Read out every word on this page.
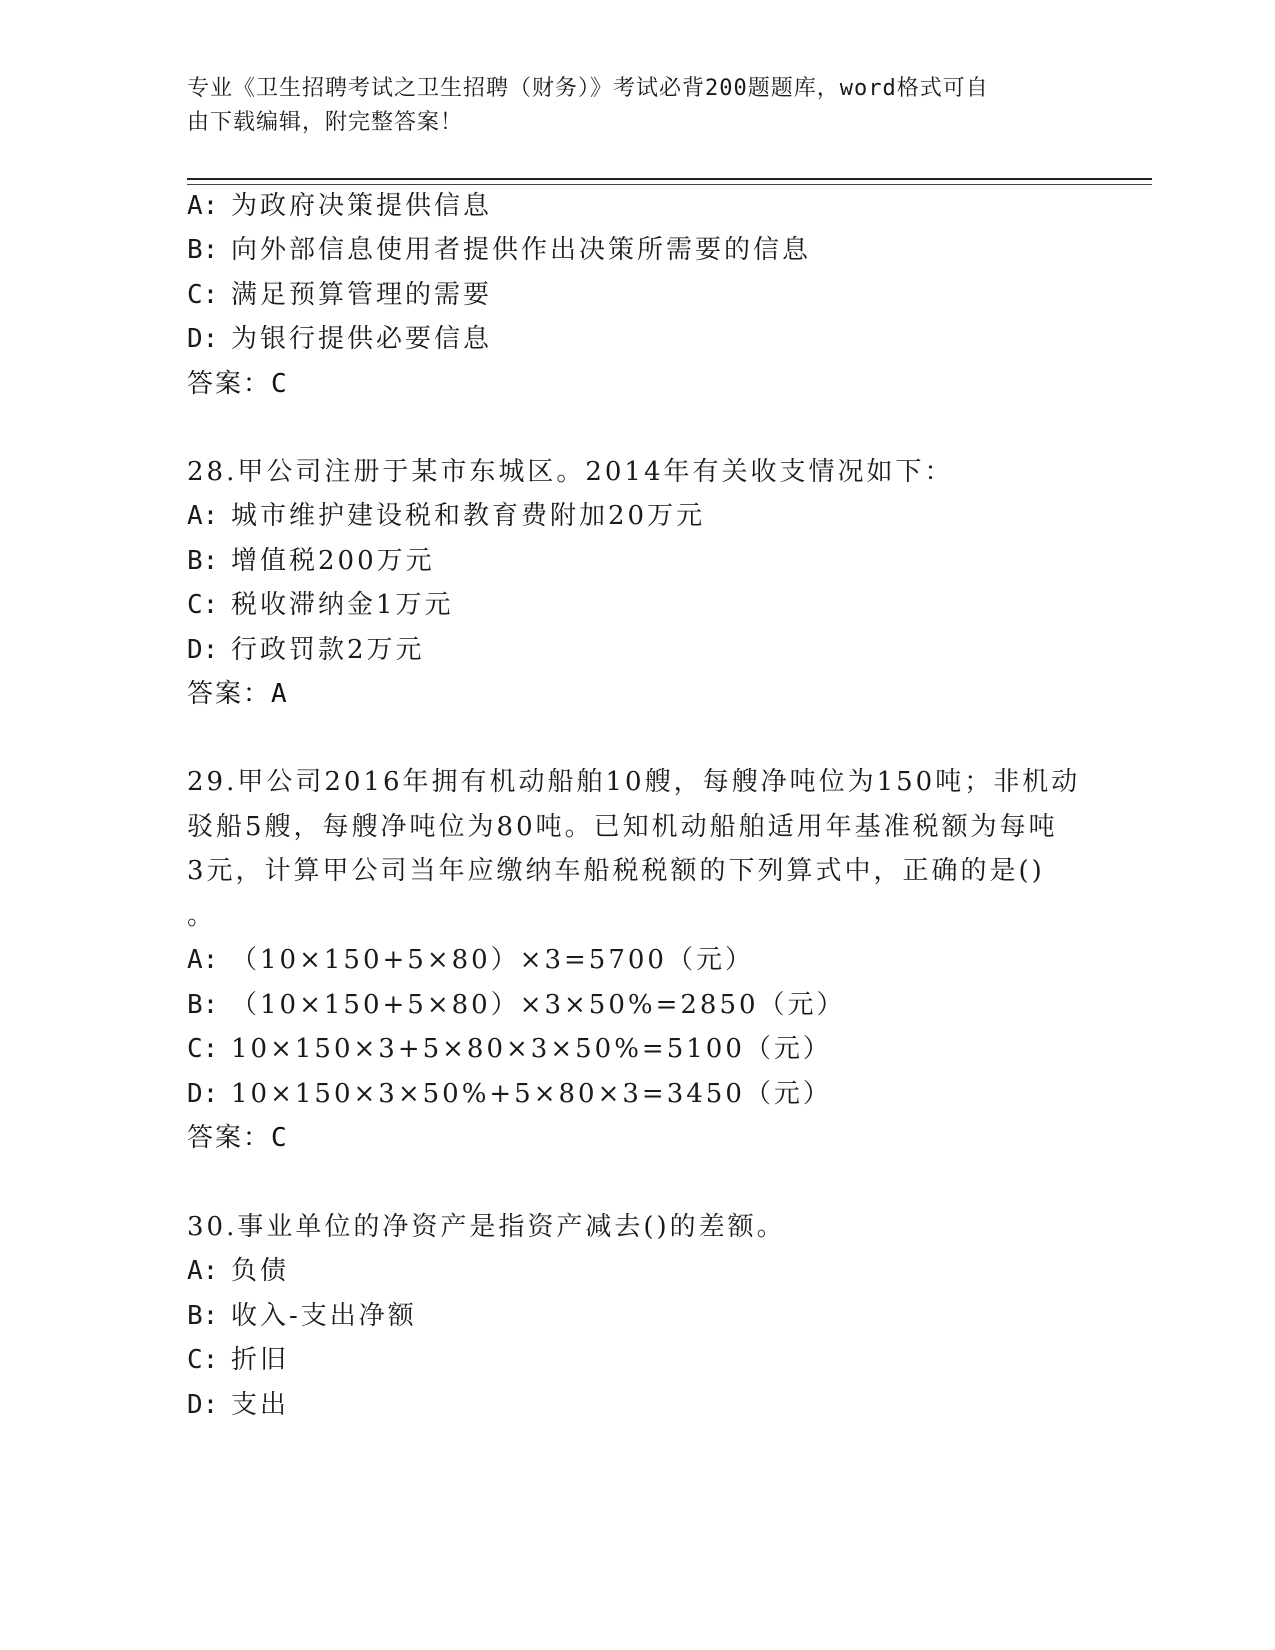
专业《卫生招聘考试之卫生招聘（财务）》考试必背200题题库，word格式可自
由下载编辑，附完整答案！
A: 为政府决策提供信息
B: 向外部信息使用者提供作出决策所需要的信息
C: 满足预算管理的需要
D: 为银行提供必要信息
答案：C
28.甲公司注册于某市东城区。2014年有关收支情况如下：
A: 城市维护建设税和教育费附加20万元
B: 增值税200万元
C: 税收滞纳金1万元
D: 行政罚款2万元
答案：A
29.甲公司2016年拥有机动船舶10艘，每艘净吨位为150吨；非机动
驳船5艘，每艘净吨位为80吨。已知机动船舶适用年基准税额为每吨
3元，计算甲公司当年应缴纳车船税税额的下列算式中，正确的是()
。
A: （10×150+5×80）×3=5700（元）
B: （10×150+5×80）×3×50%=2850（元）
C: 10×150×3+5×80×3×50%=5100（元）
D: 10×150×3×50%+5×80×3=3450（元）
答案：C
30.事业单位的净资产是指资产减去()的差额。
A: 负债
B: 收入-支出净额
C: 折旧
D: 支出
